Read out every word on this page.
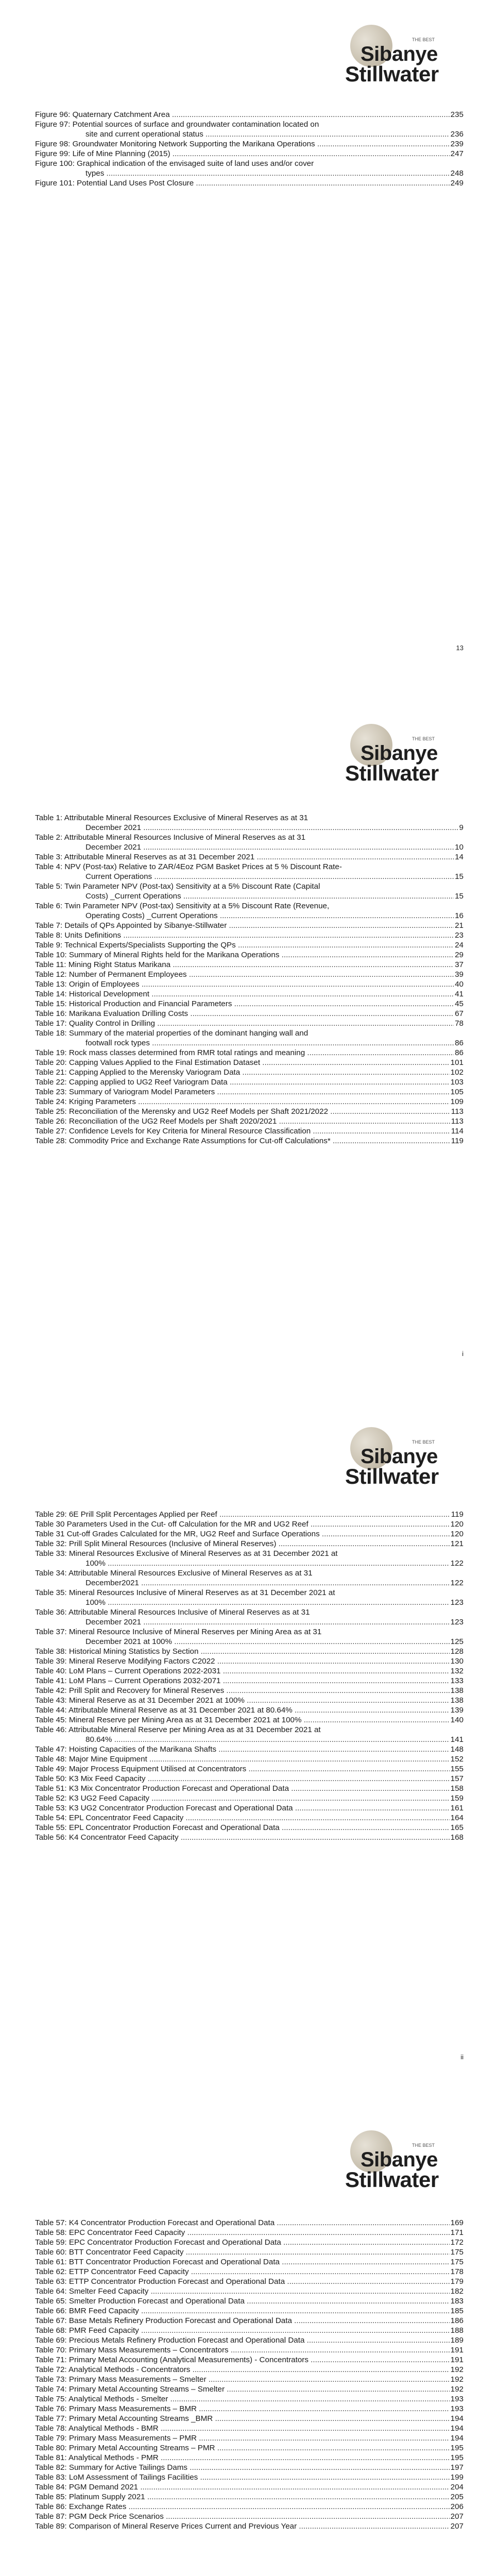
THE BEST
Sibanye
Stillwater
Figure 96: Quaternary Catchment Area .....	235
Figure 97: Potential sources of surface and groundwater contamination located on
site and current operational status .....	236
Figure 98: Groundwater Monitoring Network Supporting the Marikana Operations .....	239
Figure 99: Life of Mine Planning (2015) .....	247
Figure 100: Graphical indication of the envisaged suite of land uses and/or cover
types .....	248
Figure 101: Potential Land Uses Post Closure .....	249
13
THE BEST
Sibanye
Stillwater
Table 1: Attributable Mineral Resources Exclusive of Mineral Reserves as at 31
December 2021 .....	9
Table 2: Attributable Mineral Resources Inclusive of Mineral Reserves as at 31
December 2021 .....	10
Table 3: Attributable Mineral Reserves as at 31 December 2021 .....	14
Table 4: NPV (Post-tax) Relative to ZAR/4Eoz PGM Basket Prices at 5 % Discount Rate-
Current Operations .....	15
Table 5: Twin Parameter NPV (Post-tax) Sensitivity at a 5% Discount Rate (Capital
Costs) _Current Operations .....	15
Table 6: Twin Parameter NPV (Post-tax) Sensitivity at a 5% Discount Rate (Revenue,
Operating Costs) _Current Operations .....	16
Table 7: Details of QPs Appointed by Sibanye-Stillwater .....	21
Table 8: Units Definitions .....	23
Table 9: Technical Experts/Specialists Supporting the QPs .....	24
Table 10: Summary of Mineral Rights held for the Marikana Operations .....	29
Table 11: Mining Right Status Marikana .....	37
Table 12: Number of Permanent Employees .....	39
Table 13: Origin of Employees .....	40
Table 14: Historical Development .....	41
Table 15: Historical Production and Financial Parameters .....	45
Table 16: Marikana Evaluation Drilling Costs .....	67
Table 17: Quality Control in Drilling .....	78
Table 18: Summary of the material properties of the dominant hanging wall and
footwall rock types .....	86
Table 19: Rock mass classes determined from RMR total ratings and meaning .....	86
Table 20: Capping Values Applied to the Final Estimation Dataset .....	101
Table 21: Capping Applied to the Merensky Variogram Data .....	102
Table 22: Capping applied to UG2 Reef Variogram Data .....	103
Table 23: Summary of Variogram Model Parameters .....	105
Table 24: Kriging Parameters .....	109
Table 25: Reconciliation of the Merensky and UG2 Reef Models per Shaft 2021/2022 .....	113
Table 26: Reconciliation of the UG2 Reef Models per Shaft 2020/2021 .....	113
Table 27: Confidence Levels for Key Criteria for Mineral Resource Classification .....	114
Table 28: Commodity Price and Exchange Rate Assumptions for Cut-off Calculations* .....	119
i
THE BEST
Sibanye
Stillwater
Table 29: 6E Prill Split Percentages Applied per Reef .....	119
Table 30 Parameters Used in the Cut- off Calculation for the MR and UG2 Reef .....	120
Table 31 Cut-off Grades Calculated for the MR, UG2 Reef and Surface Operations .....	120
Table 32: Prill Split Mineral Resources (Inclusive of Mineral Reserves) .....	121
Table 33: Mineral Resources Exclusive of Mineral Reserves as at 31 December 2021 at
100% .....	122
Table 34: Attributable Mineral Resources Exclusive of Mineral Reserves as at 31
December2021 .....	122
Table 35: Mineral Resources Inclusive of Mineral Reserves as at 31 December 2021 at
100% .....	123
Table 36: Attributable Mineral Resources Inclusive of Mineral Reserves as at 31
December 2021 .....	123
Table 37: Mineral Resource Inclusive of Mineral Reserves per Mining Area as at 31
December 2021 at 100% .....	125
Table 38: Historical Mining Statistics by Section .....	128
Table 39: Mineral Reserve Modifying Factors C2022 .....	130
Table 40: LoM Plans – Current Operations 2022-2031 .....	132
Table 41: LoM Plans – Current Operations 2032-2071 .....	133
Table 42: Prill Split and Recovery for Mineral Reserves .....	138
Table 43: Mineral Reserve as at 31 December 2021 at 100% .....	138
Table 44: Attributable Mineral Reserve as at 31 December 2021 at 80.64% .....	139
Table 45: Mineral Reserve per Mining Area as at 31 December 2021 at 100% .....	140
Table 46: Attributable Mineral Reserve per Mining Area as at 31 December 2021 at
80.64% .....	141
Table 47: Hoisting Capacities of the Marikana Shafts .....	148
Table 48: Major Mine Equipment .....	152
Table 49: Major Process Equipment Utilised at Concentrators .....	155
Table 50: K3 Mix Feed Capacity .....	157
Table 51: K3 Mix Concentrator Production Forecast and Operational Data .....	158
Table 52: K3 UG2 Feed Capacity .....	159
Table 53: K3 UG2 Concentrator Production Forecast and Operational Data .....	161
Table 54: EPL Concentrator Feed Capacity .....	164
Table 55: EPL Concentrator Production Forecast and Operational Data .....	165
Table 56: K4 Concentrator Feed Capacity .....	168
ii
THE BEST
Sibanye
Stillwater
Table 57: K4 Concentrator Production Forecast and Operational Data .....	169
Table 58: EPC Concentrator Feed Capacity .....	171
Table 59: EPC Concentrator Production Forecast and Operational Data .....	172
Table 60: BTT Concentrator Feed Capacity .....	175
Table 61: BTT Concentrator Production Forecast and Operational Data .....	175
Table 62: ETTP Concentrator Feed Capacity .....	178
Table 63: ETTP Concentrator Production Forecast and Operational Data .....	179
Table 64: Smelter Feed Capacity .....	182
Table 65: Smelter Production Forecast and Operational Data .....	183
Table 66: BMR Feed Capacity .....	185
Table 67: Base Metals Refinery Production Forecast and Operational Data .....	186
Table 68: PMR Feed Capacity .....	188
Table 69: Precious Metals Refinery Production Forecast and Operational Data .....	189
Table 70: Primary Mass Measurements – Concentrators .....	191
Table 71: Primary Metal Accounting (Analytical Measurements) - Concentrators .....	191
Table 72: Analytical Methods - Concentrators .....	192
Table 73: Primary Mass Measurements – Smelter .....	192
Table 74: Primary Metal Accounting Streams – Smelter .....	192
Table 75: Analytical Methods - Smelter .....	193
Table 76: Primary Mass Measurements – BMR .....	193
Table 77: Primary Metal Accounting Streams _BMR .....	194
Table 78: Analytical Methods - BMR .....	194
Table 79: Primary Mass Measurements – PMR .....	194
Table 80: Primary Metal Accounting Streams – PMR .....	195
Table 81: Analytical Methods - PMR .....	195
Table 82: Summary for Active Tailings Dams .....	197
Table 83: LoM Assessment of Tailings Facilities .....	199
Table 84: PGM Demand 2021 .....	204
Table 85: Platinum Supply 2021 .....	205
Table 86: Exchange Rates .....	206
Table 87: PGM Deck Price Scenarios .....	207
Table 89: Comparison of Mineral Reserve Prices Current and Previous Year .....	207
